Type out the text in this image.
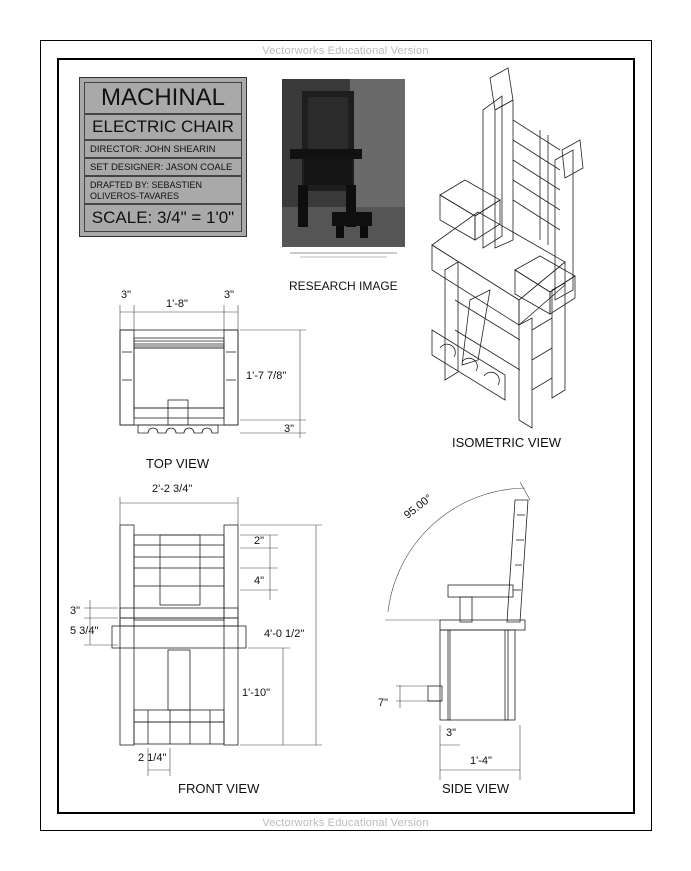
Vectorworks Educational Version
Vectorworks Educational Version
MACHINAL
ELECTRIC CHAIR
DIRECTOR: JOHN SHEARIN
SET DESIGNER: JASON COALE
DRAFTED BY: SEBASTIEN
OLIVEROS-TAVARES
SCALE: 3/4" = 1'0"
RESEARCH IMAGE
TOP VIEW
3"
1'-8"
3"
1'-7 7/8"
3"
ISOMETRIC VIEW
FRONT VIEW
2'-2 3/4"
2"
4"
3"
5 3/4"	4'-0 1/2"
1'-10"
2 1/4"
SIDE VIEW
95.00°
7"
3"
1'-4"
